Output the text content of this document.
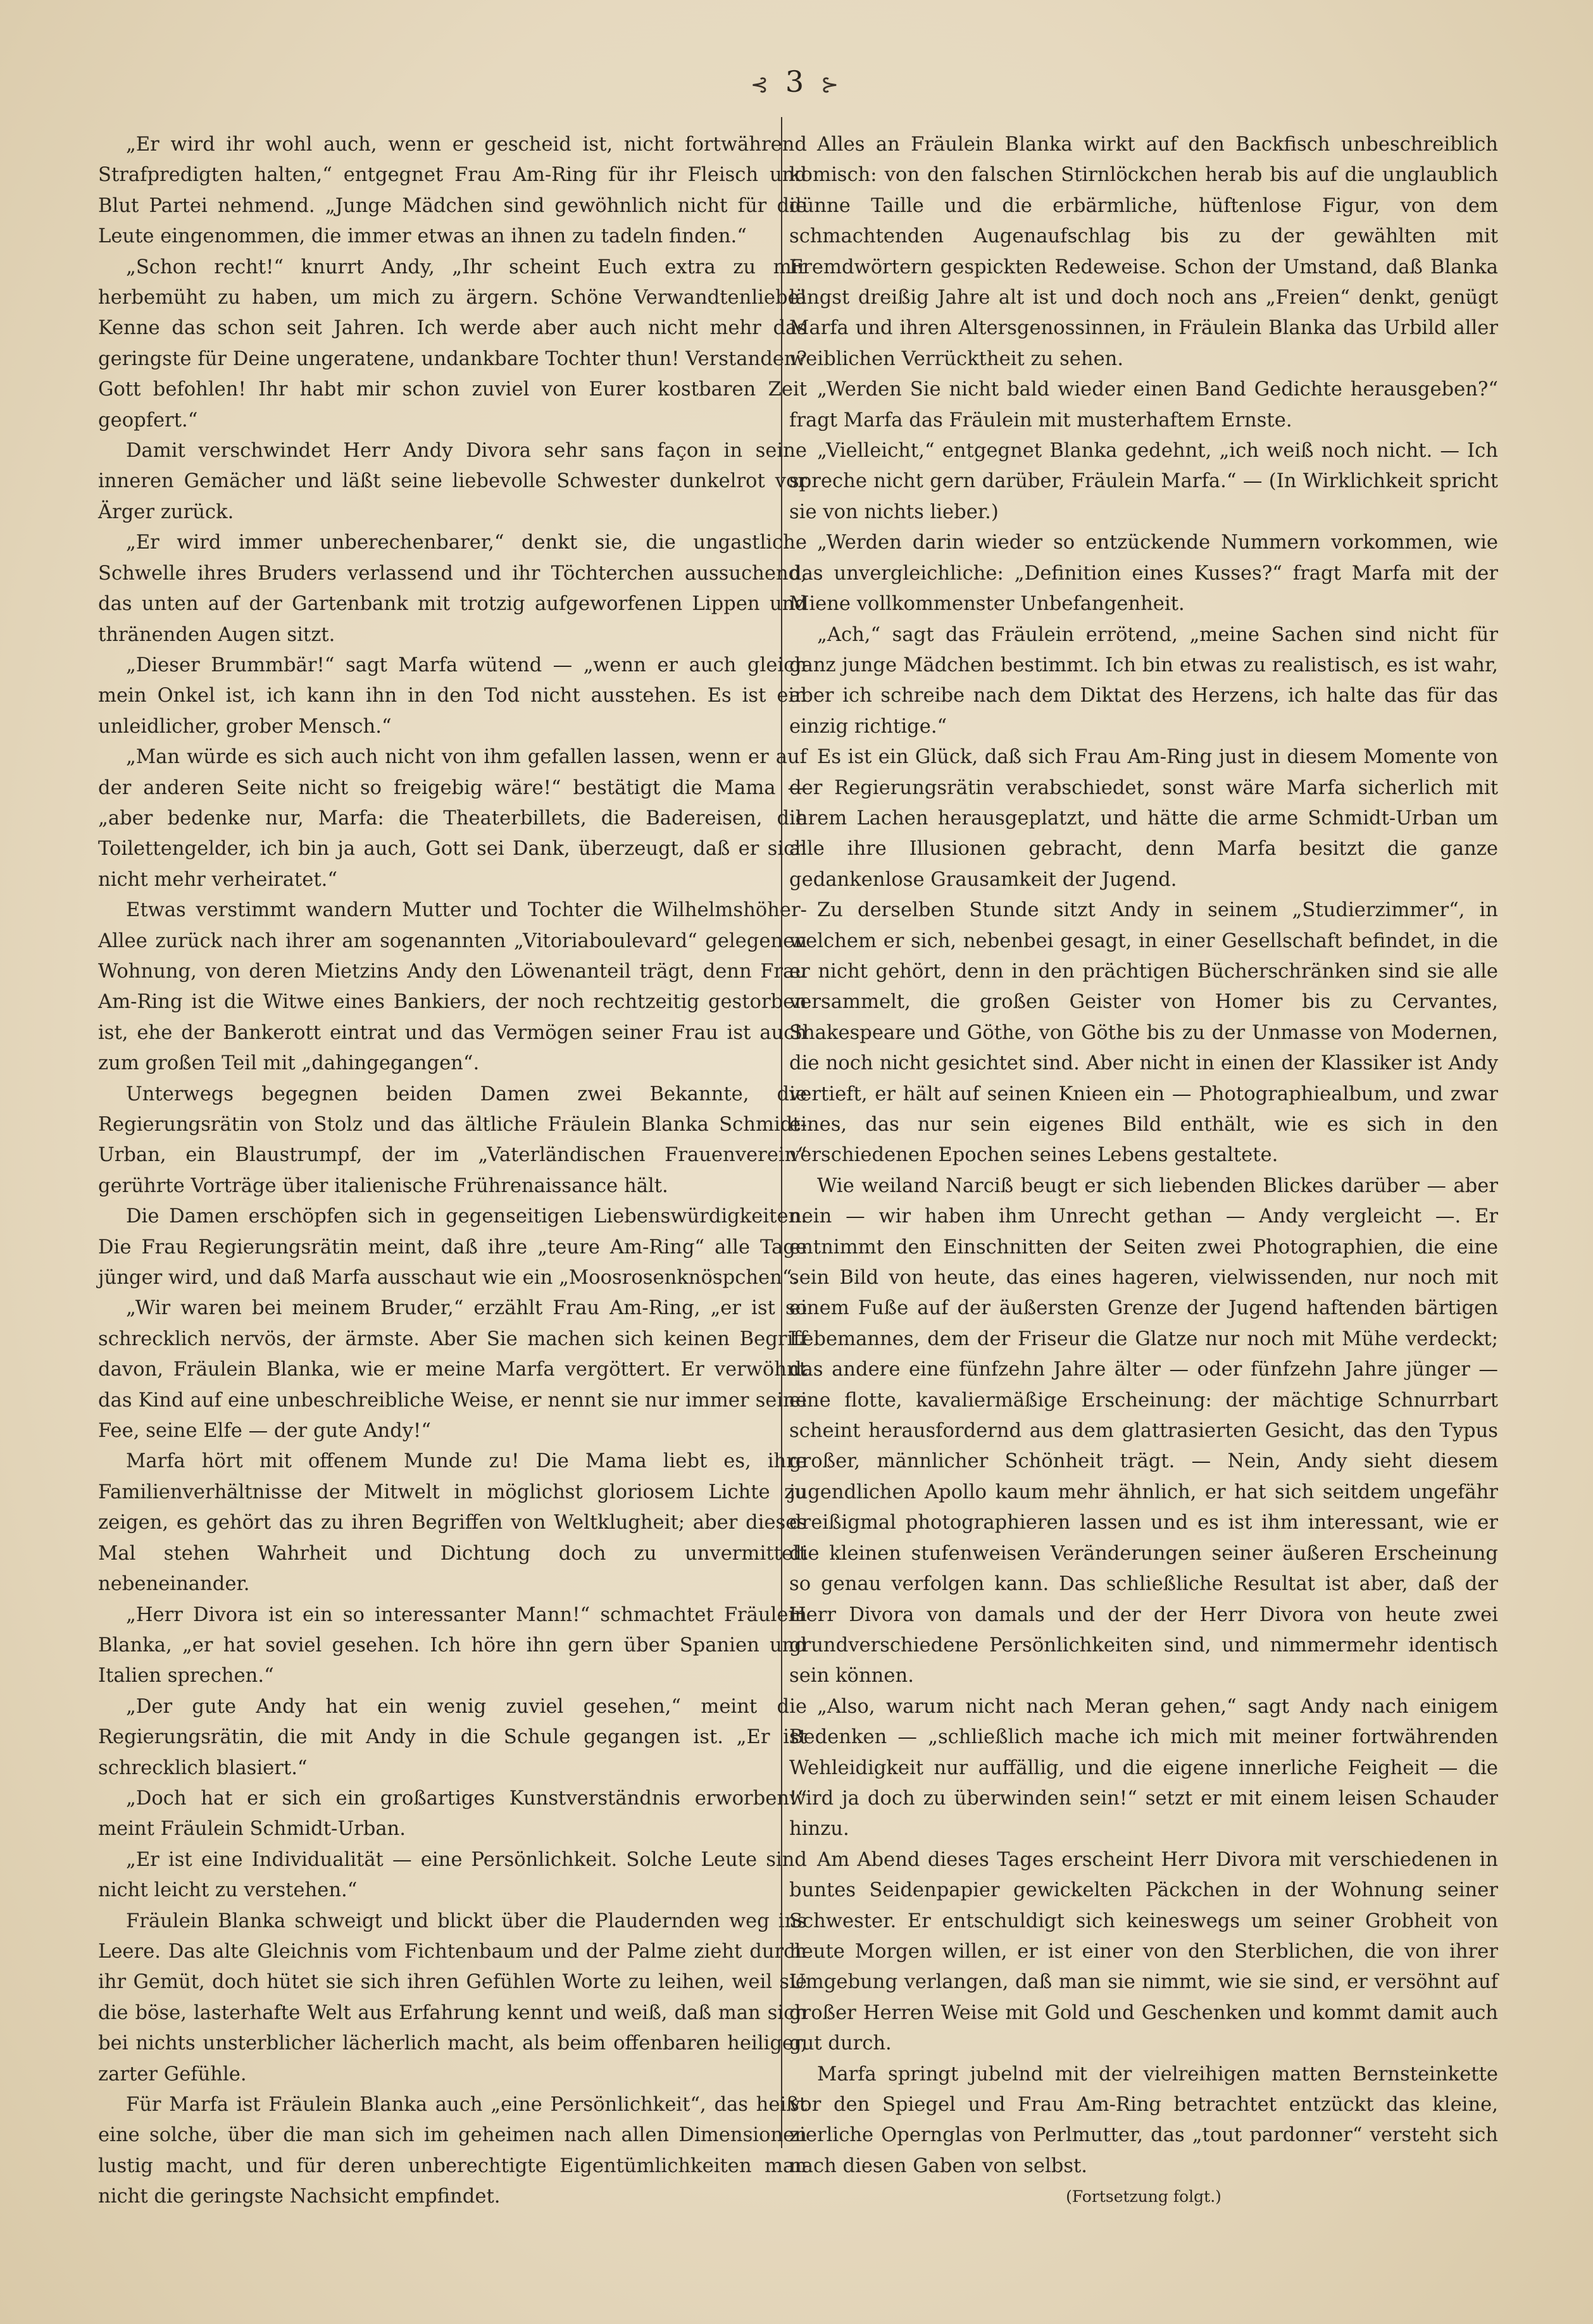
⊰ 3 ⊱

„Er wird ihr wohl auch, wenn er gescheid ist, nicht fortwährend Strafpredigten halten,“ entgegnet Frau Am-Ring für ihr Fleisch und Blut Partei nehmend. „Junge Mädchen sind gewöhnlich nicht für die Leute eingenommen, die immer etwas an ihnen zu tadeln finden.“

„Schon recht!“ knurrt Andy, „Ihr scheint Euch extra zu mir herbemüht zu haben, um mich zu ärgern. Schöne Verwandtenliebe! Kenne das schon seit Jahren. Ich werde aber auch nicht mehr das geringste für Deine ungeratene, undankbare Tochter thun! Verstanden? Gott befohlen! Ihr habt mir schon zuviel von Eurer kostbaren Zeit geopfert.“

Damit verschwindet Herr Andy Divora sehr sans façon in seine inneren Gemächer und läßt seine liebevolle Schwester dunkelrot vor Ärger zurück.

„Er wird immer unberechenbarer,“ denkt sie, die ungastliche Schwelle ihres Bruders verlassend und ihr Töchterchen aussuchend, das unten auf der Gartenbank mit trotzig aufgeworfenen Lippen und thränenden Augen sitzt.

„Dieser Brummbär!“ sagt Marfa wütend — „wenn er auch gleich mein Onkel ist, ich kann ihn in den Tod nicht ausstehen. Es ist ein unleidlicher, grober Mensch.“

„Man würde es sich auch nicht von ihm gefallen lassen, wenn er auf der anderen Seite nicht so freigebig wäre!“ bestätigt die Mama — „aber bedenke nur, Marfa: die Theaterbillets, die Badereisen, die Toilettengelder, ich bin ja auch, Gott sei Dank, überzeugt, daß er sich nicht mehr verheiratet.“

Etwas verstimmt wandern Mutter und Tochter die Wilhelmshöher-Allee zurück nach ihrer am sogenannten „Vitoriaboulevard“ gelegenen Wohnung, von deren Mietzins Andy den Löwenanteil trägt, denn Frau Am-Ring ist die Witwe eines Bankiers, der noch rechtzeitig gestorben ist, ehe der Bankerott eintrat und das Vermögen seiner Frau ist auch zum großen Teil mit „dahingegangen“.

Unterwegs begegnen beiden Damen zwei Bekannte, die Regierungsrätin von Stolz und das ältliche Fräulein Blanka Schmidt-Urban, ein Blaustrumpf, der im „Vaterländischen Frauenverein“ gerührte Vorträge über italienische Frührenaissance hält.

Die Damen erschöpfen sich in gegenseitigen Liebenswürdigkeiten. Die Frau Regierungsrätin meint, daß ihre „teure Am-Ring“ alle Tage jünger wird, und daß Marfa ausschaut wie ein „Moosrosenknöspchen“.

„Wir waren bei meinem Bruder,“ erzählt Frau Am-Ring, „er ist so schrecklich nervös, der ärmste. Aber Sie machen sich keinen Begriff davon, Fräulein Blanka, wie er meine Marfa vergöttert. Er verwöhnt das Kind auf eine unbeschreibliche Weise, er nennt sie nur immer seine Fee, seine Elfe — der gute Andy!“

Marfa hört mit offenem Munde zu! Die Mama liebt es, ihre Familienverhältnisse der Mitwelt in möglichst gloriosem Lichte zu zeigen, es gehört das zu ihren Begriffen von Weltklugheit; aber dieses Mal stehen Wahrheit und Dichtung doch zu unvermittelt nebeneinander.

„Herr Divora ist ein so interessanter Mann!“ schmachtet Fräulein Blanka, „er hat soviel gesehen. Ich höre ihn gern über Spanien und Italien sprechen.“

„Der gute Andy hat ein wenig zuviel gesehen,“ meint die Regierungsrätin, die mit Andy in die Schule gegangen ist. „Er ist schrecklich blasiert.“

„Doch hat er sich ein großartiges Kunstverständnis erworben!“ meint Fräulein Schmidt-Urban.

„Er ist eine Individualität — eine Persönlichkeit. Solche Leute sind nicht leicht zu verstehen.“

Fräulein Blanka schweigt und blickt über die Plaudernden weg ins Leere. Das alte Gleichnis vom Fichtenbaum und der Palme zieht durch ihr Gemüt, doch hütet sie sich ihren Gefühlen Worte zu leihen, weil sie die böse, lasterhafte Welt aus Erfahrung kennt und weiß, daß man sich bei nichts unsterblicher lächerlich macht, als beim offenbaren heiliger, zarter Gefühle.

Für Marfa ist Fräulein Blanka auch „eine Persönlichkeit“, das heißt eine solche, über die man sich im geheimen nach allen Dimensionen lustig macht, und für deren unberechtigte Eigentümlichkeiten man nicht die geringste Nachsicht empfindet.

Alles an Fräulein Blanka wirkt auf den Backfisch unbeschreiblich komisch: von den falschen Stirnlöckchen herab bis auf die unglaublich dünne Taille und die erbärmliche, hüftenlose Figur, von dem schmachtenden Augenaufschlag bis zu der gewählten mit Fremdwörtern gespickten Redeweise. Schon der Umstand, daß Blanka längst dreißig Jahre alt ist und doch noch ans „Freien“ denkt, genügt Marfa und ihren Altersgenossinnen, in Fräulein Blanka das Urbild aller weiblichen Verrücktheit zu sehen.

„Werden Sie nicht bald wieder einen Band Gedichte herausgeben?“ fragt Marfa das Fräulein mit musterhaftem Ernste.

„Vielleicht,“ entgegnet Blanka gedehnt, „ich weiß noch nicht. — Ich spreche nicht gern darüber, Fräulein Marfa.“ — (In Wirklichkeit spricht sie von nichts lieber.)

„Werden darin wieder so entzückende Nummern vorkommen, wie das unvergleichliche: „Definition eines Kusses?“ fragt Marfa mit der Miene vollkommenster Unbefangenheit.

„Ach,“ sagt das Fräulein errötend, „meine Sachen sind nicht für ganz junge Mädchen bestimmt. Ich bin etwas zu realistisch, es ist wahr, aber ich schreibe nach dem Diktat des Herzens, ich halte das für das einzig richtige.“

Es ist ein Glück, daß sich Frau Am-Ring just in diesem Momente von der Regierungsrätin verabschiedet, sonst wäre Marfa sicherlich mit ihrem Lachen herausgeplatzt, und hätte die arme Schmidt-Urban um alle ihre Illusionen gebracht, denn Marfa besitzt die ganze gedankenlose Grausamkeit der Jugend.

Zu derselben Stunde sitzt Andy in seinem „Studierzimmer“, in welchem er sich, nebenbei gesagt, in einer Gesellschaft befindet, in die er nicht gehört, denn in den prächtigen Bücherschränken sind sie alle versammelt, die großen Geister von Homer bis zu Cervantes, Shakespeare und Göthe, von Göthe bis zu der Unmasse von Modernen, die noch nicht gesichtet sind. Aber nicht in einen der Klassiker ist Andy vertieft, er hält auf seinen Knieen ein — Photographiealbum, und zwar eines, das nur sein eigenes Bild enthält, wie es sich in den verschiedenen Epochen seines Lebens gestaltete.

Wie weiland Narciß beugt er sich liebenden Blickes darüber — aber nein — wir haben ihm Unrecht gethan — Andy vergleicht —. Er entnimmt den Einschnitten der Seiten zwei Photographien, die eine sein Bild von heute, das eines hageren, vielwissenden, nur noch mit einem Fuße auf der äußersten Grenze der Jugend haftenden bärtigen Lebemannes, dem der Friseur die Glatze nur noch mit Mühe verdeckt; das andere eine fünfzehn Jahre älter — oder fünfzehn Jahre jünger — eine flotte, kavaliermäßige Erscheinung: der mächtige Schnurrbart scheint herausfordernd aus dem glattrasierten Gesicht, das den Typus großer, männlicher Schönheit trägt. — Nein, Andy sieht diesem jugendlichen Apollo kaum mehr ähnlich, er hat sich seitdem ungefähr dreißigmal photographieren lassen und es ist ihm interessant, wie er die kleinen stufenweisen Veränderungen seiner äußeren Erscheinung so genau verfolgen kann. Das schließliche Resultat ist aber, daß der Herr Divora von damals und der der Herr Divora von heute zwei grundverschiedene Persönlichkeiten sind, und nimmermehr identisch sein können.

„Also, warum nicht nach Meran gehen,“ sagt Andy nach einigem Bedenken — „schließlich mache ich mich mit meiner fortwährenden Wehleidigkeit nur auffällig, und die eigene innerliche Feigheit — die wird ja doch zu überwinden sein!“ setzt er mit einem leisen Schauder hinzu.

Am Abend dieses Tages erscheint Herr Divora mit verschiedenen in buntes Seidenpapier gewickelten Päckchen in der Wohnung seiner Schwester. Er entschuldigt sich keineswegs um seiner Grobheit von heute Morgen willen, er ist einer von den Sterblichen, die von ihrer Umgebung verlangen, daß man sie nimmt, wie sie sind, er versöhnt auf großer Herren Weise mit Gold und Geschenken und kommt damit auch gut durch.

Marfa springt jubelnd mit der vielreihigen matten Bernsteinkette vor den Spiegel und Frau Am-Ring betrachtet entzückt das kleine, zierliche Opernglas von Perlmutter, das „tout pardonner“ versteht sich nach diesen Gaben von selbst.

(Fortsetzung folgt.)
